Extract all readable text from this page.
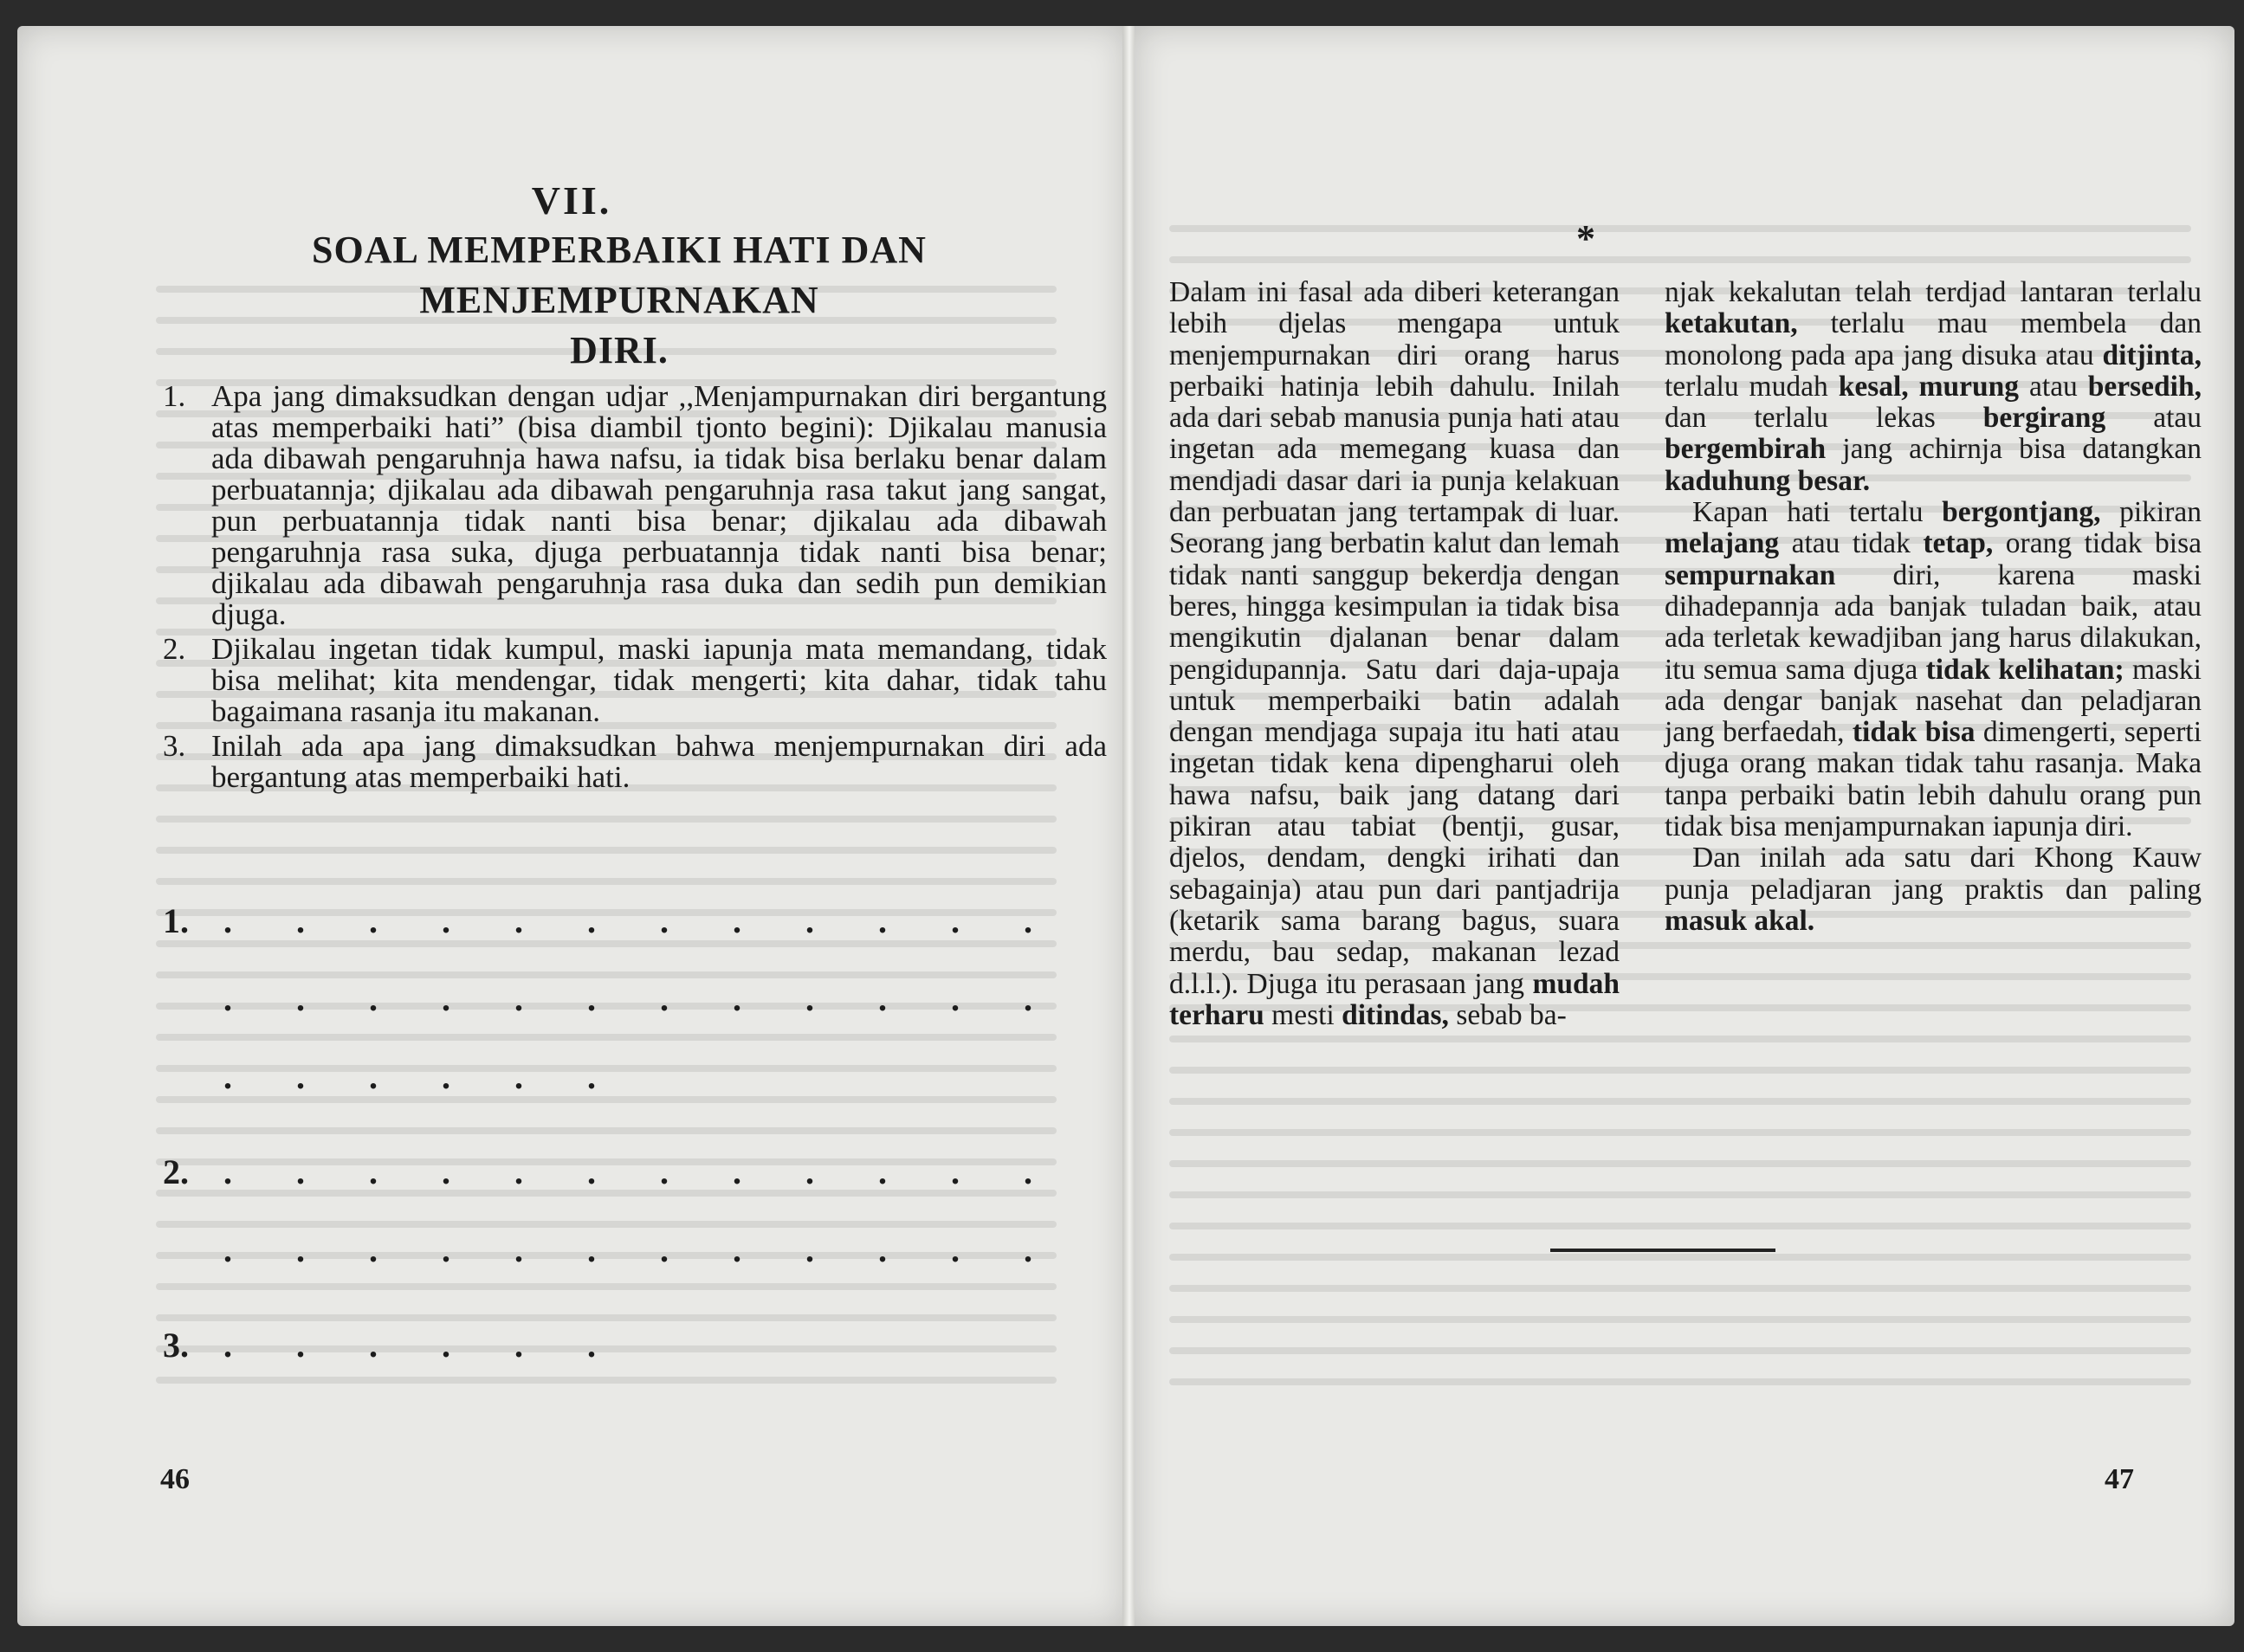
VII.
SOAL MEMPERBAIKI HATI DAN MENJEMPURNAKAN
DIRI.
1. Apa jang dimaksudkan dengan udjar ,,Menjampurnakan diri bergantung atas memperbaiki hati” (bisa diambil tjonto begini): Djikalau manusia ada dibawah pengaruhnja hawa nafsu, ia tidak bisa berlaku benar dalam perbuatannja; djikalau ada dibawah pengaruhnja rasa takut jang sangat, pun perbuatannja tidak nanti bisa benar; djikalau ada dibawah pengaruhnja rasa suka, djuga perbuatannja tidak nanti bisa benar; djikalau ada dibawah pengaruhnja rasa duka dan sedih pun demikian djuga.
2. Djikalau ingetan tidak kumpul, maski iapunja mata memandang, tidak bisa melihat; kita mendengar, tidak mengerti; kita dahar, tidak tahu bagaimana rasanja itu makanan.
3. Inilah ada apa jang dimaksudkan bahwa menjempurnakan diri ada bergantung atas memperbaiki hati.
1.	.	.	.	.	.	.	.	.	.	.	.	.
.	.	.	.	.	.	.	.	.	.	.	.
.	.	.	.	.	.
2.	.	.	.	.	.	.	.	.	.	.	.	.
.	.	.	.	.	.	.	.	.	.	.	.
3.	.	.	.	.	.	.
46
*

Dalam ini fasal ada diberi keterangan lebih djelas mengapa untuk menjempurnakan diri orang harus perbaiki hatinja lebih dahulu. Inilah ada dari sebab manusia punja hati atau ingetan ada memegang kuasa dan mendjadi dasar dari ia punja kelakuan dan perbuatan jang tertampak di luar. Seorang jang berbatin kalut dan lemah tidak nanti sanggup bekerdja dengan beres, hingga kesimpulan ia tidak bisa mengikutin djalanan benar dalam pengidupannja. Satu dari daja-upaja untuk memperbaiki batin adalah dengan mendjaga supaja itu hati atau ingetan tidak kena dipengharui oleh hawa nafsu, baik jang datang dari pikiran atau tabiat (bentji, gusar, djelos, dendam, dengki irihati dan sebagainja) atau pun dari pantjadrija (ketarik sama barang bagus, suara merdu, bau sedap, makanan lezad d.l.l.). Djuga itu perasaan jang mudah terharu mesti ditindas, sebab ba-

njak kekalutan telah terdjad lantaran terlalu ketakutan, terlalu mau membela dan monolong pada apa jang disuka atau ditjinta, terlalu mudah kesal, murung atau bersedih, dan terlalu lekas bergirang atau bergembirah jang achirnja bisa datangkan kaduhung besar.

Kapan hati tertalu bergontjang, pikiran melajang atau tidak tetap, orang tidak bisa sempurnakan diri, karena maski dihadepannja ada banjak tuladan baik, atau ada terletak kewadjiban jang harus dilakukan, itu semua sama djuga tidak kelihatan; maski ada dengar banjak nasehat dan peladjaran jang berfaedah, tidak bisa dimengerti, seperti djuga orang makan tidak tahu rasanja. Maka tanpa perbaiki batin lebih dahulu orang pun tidak bisa menjampurnakan iapunja diri.

Dan inilah ada satu dari Khong Kauw punja peladjaran jang praktis dan paling masuk akal.

47
